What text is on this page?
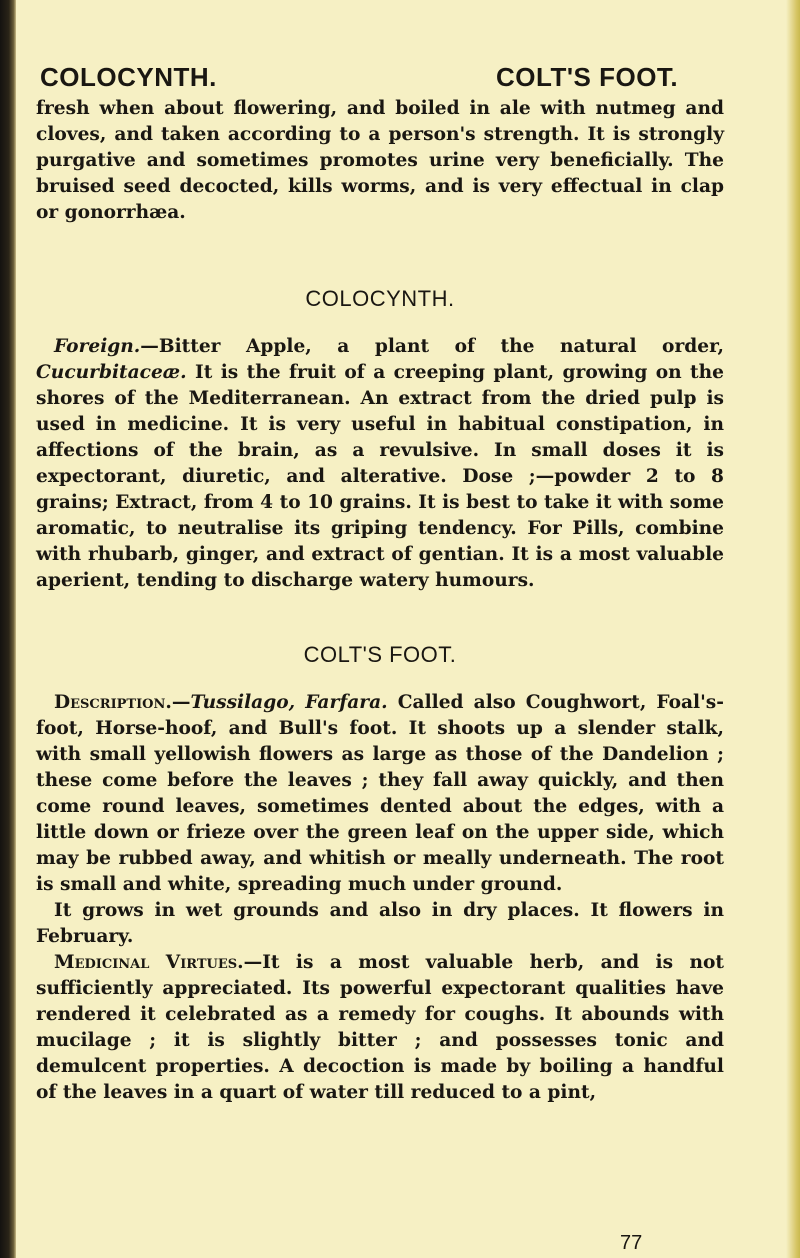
COLOCYNTH.	COLT'S FOOT.

fresh when about flowering, and boiled in ale with nutmeg and cloves, and taken according to a person's strength. It is strongly purgative and sometimes promotes urine very beneficially. The bruised seed decocted, kills worms, and is very effectual in clap or gonorrhæa.

COLOCYNTH.

Foreign.—Bitter Apple, a plant of the natural order, Cucurbitaceæ. It is the fruit of a creeping plant, growing on the shores of the Mediterranean. An extract from the dried pulp is used in medicine. It is very useful in habitual constipation, in affections of the brain, as a revulsive. In small doses it is expectorant, diuretic, and alterative. Dose ;—powder 2 to 8 grains; Extract, from 4 to 10 grains. It is best to take it with some aromatic, to neutralise its griping tendency. For Pills, combine with rhubarb, ginger, and extract of gentian. It is a most valuable aperient, tending to discharge watery humours.

COLT'S FOOT.

Description.—Tussilago, Farfara. Called also Coughwort, Foal's-foot, Horse-hoof, and Bull's foot. It shoots up a slender stalk, with small yellowish flowers as large as those of the Dandelion ; these come before the leaves ; they fall away quickly, and then come round leaves, sometimes dented about the edges, with a little down or frieze over the green leaf on the upper side, which may be rubbed away, and whitish or meally underneath. The root is small and white, spreading much under ground.

It grows in wet grounds and also in dry places. It flowers in February.

Medicinal Virtues.—It is a most valuable herb, and is not sufficiently appreciated. Its powerful expectorant qualities have rendered it celebrated as a remedy for coughs. It abounds with mucilage ; it is slightly bitter ; and possesses tonic and demulcent properties. A decoction is made by boiling a handful of the leaves in a quart of water till reduced to a pint,

77
